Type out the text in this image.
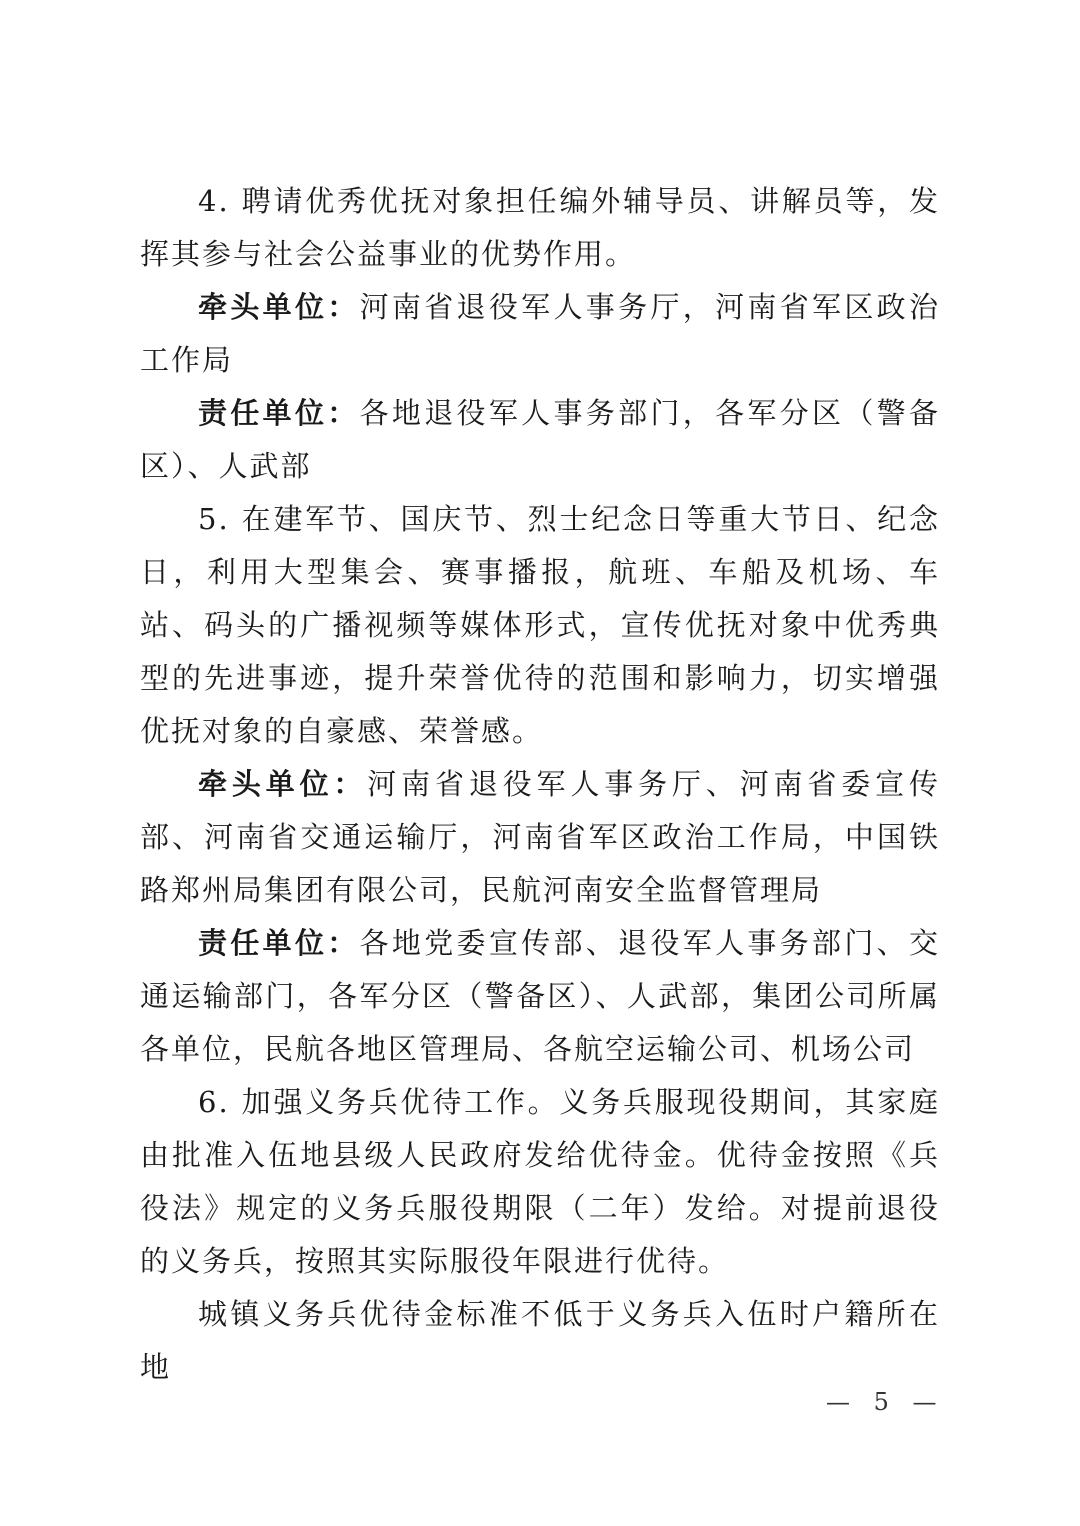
4. 聘请优秀优抚对象担任编外辅导员、讲解员等，发挥其参与社会公益事业的优势作用。

牵头单位：河南省退役军人事务厅，河南省军区政治工作局

责任单位：各地退役军人事务部门，各军分区（警备区）、人武部

5. 在建军节、国庆节、烈士纪念日等重大节日、纪念日，利用大型集会、赛事播报，航班、车船及机场、车站、码头的广播视频等媒体形式，宣传优抚对象中优秀典型的先进事迹，提升荣誉优待的范围和影响力，切实增强优抚对象的自豪感、荣誉感。

牵头单位：河南省退役军人事务厅、河南省委宣传部、河南省交通运输厅，河南省军区政治工作局，中国铁路郑州局集团有限公司，民航河南安全监督管理局

责任单位：各地党委宣传部、退役军人事务部门、交通运输部门，各军分区（警备区）、人武部，集团公司所属各单位，民航各地区管理局、各航空运输公司、机场公司

6. 加强义务兵优待工作。义务兵服现役期间，其家庭由批准入伍地县级人民政府发给优待金。优待金按照《兵役法》规定的义务兵服役期限（二年）发给。对提前退役的义务兵，按照其实际服役年限进行优待。

城镇义务兵优待金标准不低于义务兵入伍时户籍所在地

— 5 —
